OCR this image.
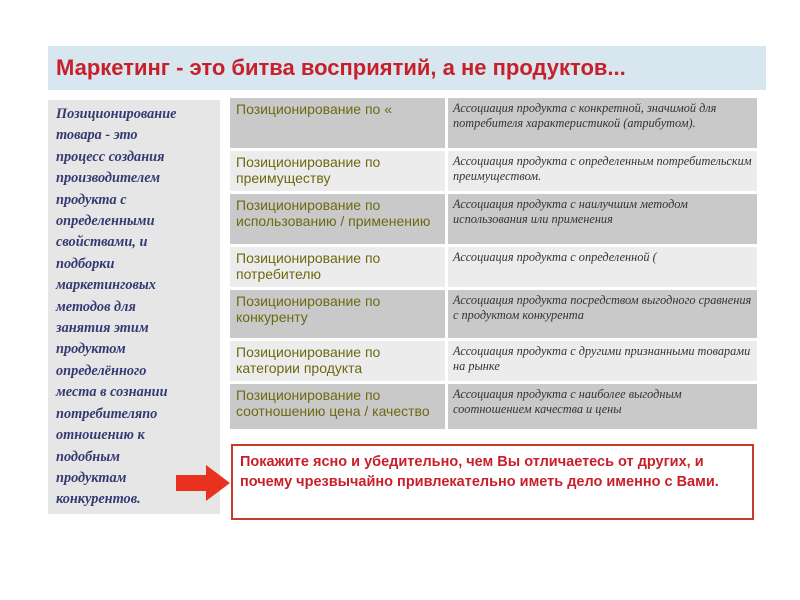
Маркетинг - это битва восприятий, а не продуктов...
Позиционирование
товара - это
процесс создания
производителем
продукта с
определенными
свойствами, и
подборки
маркетинговых
методов для
занятия этим
продуктом
определённого
места в сознании
потребителяпо
отношению к
подобным
продуктам
конкурентов.
Позиционирование по «	Ассоциация продукта с конкретной, значимой для потребителя характеристикой (атрибутом).
Позиционирование по преимуществу
Ассоциация продукта с определенным потребительским преимуществом.
Позиционирование по использованию / применению
Ассоциация продукта с наилучшим методом использования или применения
Позиционирование по потребителю
Ассоциация продукта с определенной (
Позиционирование по конкуренту
Ассоциация продукта посредством выгодного сравнения с продуктом конкурента
Позиционирование по категории продукта
Ассоциация продукта с другими признанными товарами на рынке
Позиционирование по соотношению цена / качество
Ассоциация продукта с наиболее выгодным соотношением качества и цены
Покажите ясно и убедительно, чем Вы отличаетесь от других, и почему чрезвычайно привлекательно иметь дело именно с Вами.
